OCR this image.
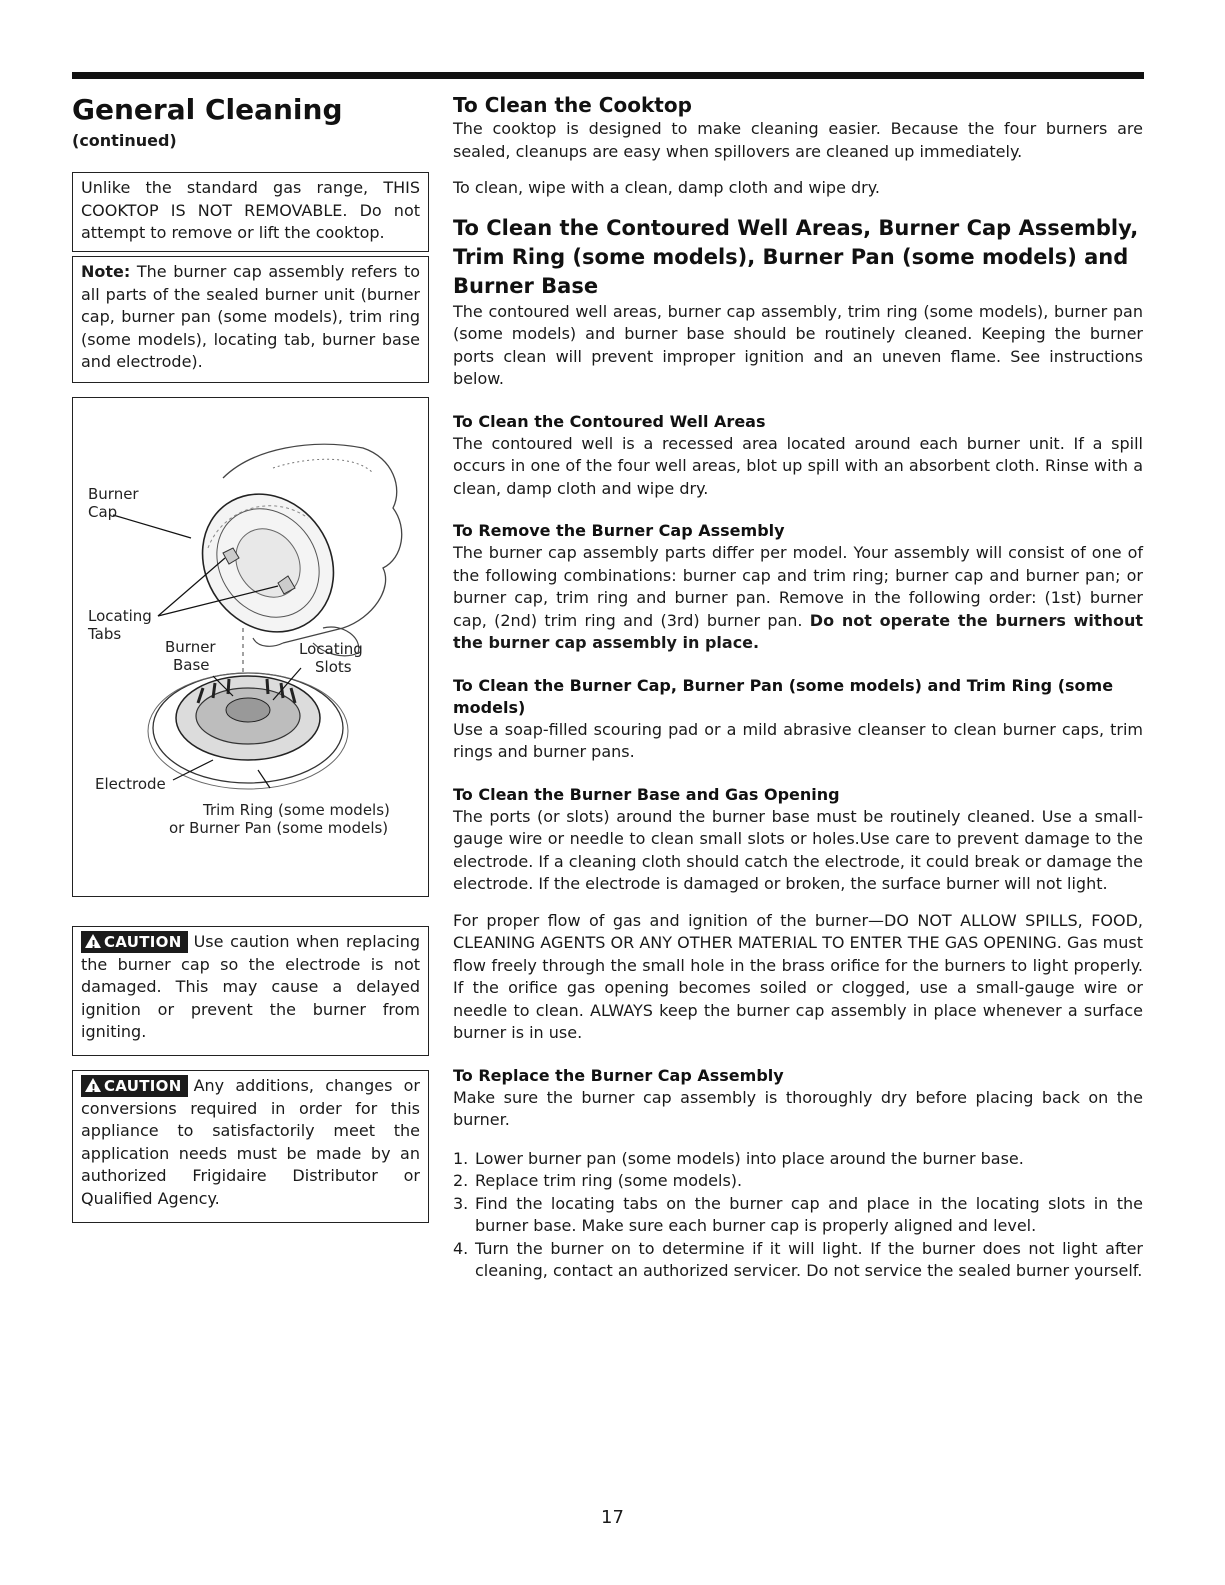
General Cleaning
(continued)
Unlike the standard gas range, THIS COOKTOP IS NOT REMOVABLE. Do not attempt to remove or lift the cooktop.
Note: The burner cap assembly refers to all parts of the sealed burner unit (burner cap, burner pan (some models), trim ring (some models), locating tab, burner base and electrode).
Burner
Cap
Locating
Tabs
Burner
Base
Locating
Slots
Electrode
Trim Ring (some models)
or Burner Pan (some models)
!CAUTION Use caution when replacing the burner cap so the electrode is not damaged. This may cause a delayed ignition or prevent the burner from igniting.
!CAUTION Any additions, changes or conversions required in order for this appliance to satisfactorily meet the application needs must be made by an authorized Frigidaire Distributor or Qualified Agency.
To Clean the Cooktop

The cooktop is designed to make cleaning easier. Because the four burners are sealed, cleanups are easy when spillovers are cleaned up immediately.

To clean, wipe with a clean, damp cloth and wipe dry.

To Clean the Contoured Well Areas, Burner Cap Assembly, Trim Ring (some models), Burner Pan (some models) and Burner Base

The contoured well areas, burner cap assembly, trim ring (some models), burner pan (some models) and burner base should be routinely cleaned. Keeping the burner ports clean will prevent improper ignition and an uneven flame. See instructions below.

To Clean the Contoured Well Areas

The contoured well is a recessed area located around each burner unit. If a spill occurs in one of the four well areas, blot up spill with an absorbent cloth. Rinse with a clean, damp cloth and wipe dry.

To Remove the Burner Cap Assembly

The burner cap assembly parts differ per model. Your assembly will consist of one of the following combinations: burner cap and trim ring; burner cap and burner pan; or burner cap, trim ring and burner pan. Remove in the following order: (1st) burner cap, (2nd) trim ring and (3rd) burner pan. Do not operate the burners without the burner cap assembly in place.

To Clean the Burner Cap, Burner Pan (some models) and Trim Ring (some models)

Use a soap-filled scouring pad or a mild abrasive cleanser to clean burner caps, trim rings and burner pans.

To Clean the Burner Base and Gas Opening

The ports (or slots) around the burner base must be routinely cleaned. Use a small-gauge wire or needle to clean small slots or holes.Use care to prevent damage to the electrode. If a cleaning cloth should catch the electrode, it could break or damage the electrode. If the electrode is damaged or broken, the surface burner will not light.

For proper flow of gas and ignition of the burner—DO NOT ALLOW SPILLS, FOOD, CLEANING AGENTS OR ANY OTHER MATERIAL TO ENTER THE GAS OPENING. Gas must flow freely through the small hole in the brass orifice for the burners to light properly. If the orifice gas opening becomes soiled or clogged, use a small-gauge wire or needle to clean. ALWAYS keep the burner cap assembly in place whenever a surface burner is in use.

To Replace the Burner Cap Assembly

Make sure the burner cap assembly is thoroughly dry before placing back on the burner.

1. Lower burner pan (some models) into place around the burner base.
2. Replace trim ring (some models).
3. Find the locating tabs on the burner cap and place in the locating slots in the burner base. Make sure each burner cap is properly aligned and level.
4. Turn the burner on to determine if it will light. If the burner does not light after cleaning, contact an authorized servicer. Do not service the sealed burner yourself.
17
